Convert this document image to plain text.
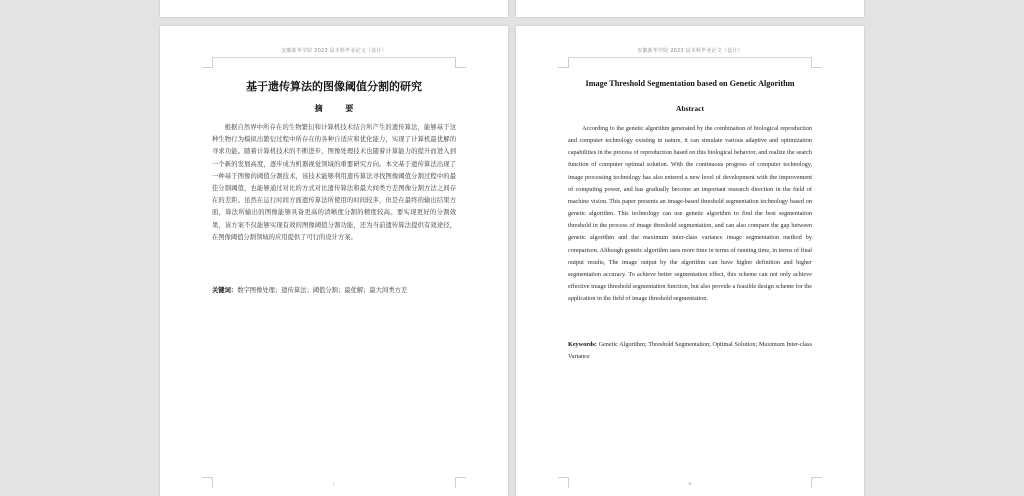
安徽新华学院 2023 届本科毕业论文（设计）
基于遗传算法的图像阈值分割的研究
摘 要

根据自然界中所存在的生物繁衍和计算机技术结合所产生的遗传算法，能够基于这种生物行为模拟出繁衍过程中所存在的各种自适应和优化能力，实现了计算机最优解的寻求功能。随着计算机技术的不断进步，图像处理技术也随着计算能力的提升而进入到一个新的发展高度，逐步成为机器视觉领域的重要研究方向。本文基于遗传算法出现了一种基于图像的阈值分割技术，该技术能够利用遗传算法寻找图像阈值分割过程中的最佳分割阈值，也能够通过对比的方式对比遗传算法和最大间类方差图像分割方法之间存在的差距。虽然在运行时间方面遗传算法所使用的时间较多，但是在最终的输出结果方面，算法所输出的图像能够具备更高的清晰度分割的精度较高。要实现更好的分割效果，该方案不仅能够实现有效的图像阈值分割功能，还为当前遗传算法提供有效途径，在图像阈值分割领域的应用提供了可行的设计方案。

关键词：数字图像处理；遗传算法；阈值分割；最优解；最大间类方差

I
安徽新华学院 2023 届本科毕业论文（设计）
Image Threshold Segmentation based on Genetic Algorithm
Abstract

According to the genetic algorithm generated by the combination of biological reproduction and computer technology existing in nature, it can simulate various adaptive and optimization capabilities in the process of reproduction based on this biological behavior, and realize the search function of computer optimal solution. With the continuous progress of computer technology, image processing technology has also entered a new level of development with the improvement of computing power, and has gradually become an important research direction in the field of machine vision. This paper presents an image-based threshold segmentation technology based on genetic algorithm. This technology can use genetic algorithm to find the best segmentation threshold in the process of image threshold segmentation, and can also compare the gap between genetic algorithm and the maximum inter-class variance image segmentation method by comparison. Although genetic algorithm uses more time in terms of running time, in terms of final output results, The image output by the algorithm can have higher definition and higher segmentation accuracy. To achieve better segmentation effect, this scheme can not only achieve effective image threshold segmentation function, but also provide a feasible design scheme for the application in the field of image threshold segmentation.

Keywords: Genetic Algorithm; Threshold Segmentation; Optimal Solution; Maximum Inter-class Variance

II
